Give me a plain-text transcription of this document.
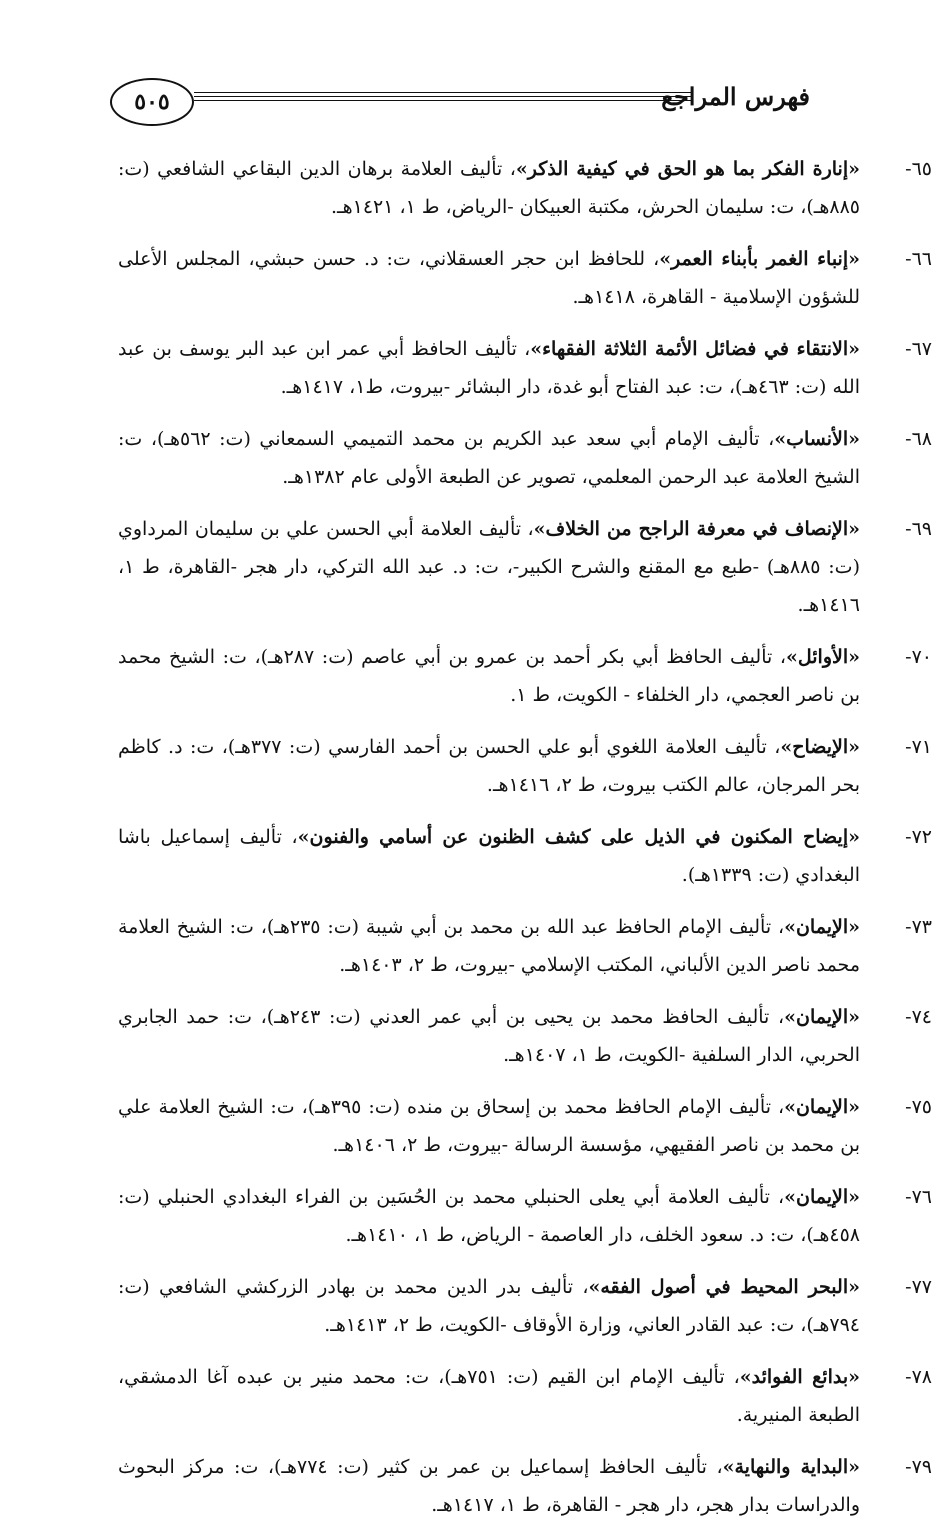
٥٠٥	فهرس المراجع
٦٥-
«إنارة الفكر بما هو الحق في كيفية الذكر»، تأليف العلامة برهان الدين البقاعي الشافعي (ت: ٨٨٥هـ)، ت: سليمان الحرش، مكتبة العبيكان -الرياض، ط ١، ١٤٢١هـ.
٦٦-
«إنباء الغمر بأبناء العمر»، للحافظ ابن حجر العسقلاني، ت: د. حسن حبشي، المجلس الأعلى للشؤون الإسلامية - القاهرة، ١٤١٨هـ.
٦٧-
«الانتقاء في فضائل الأئمة الثلاثة الفقهاء»، تأليف الحافظ أبي عمر ابن عبد البر يوسف بن عبد الله (ت: ٤٦٣هـ)، ت: عبد الفتاح أبو غدة، دار البشائر -بيروت، ط١، ١٤١٧هـ.
٦٨-
«الأنساب»، تأليف الإمام أبي سعد عبد الكريم بن محمد التميمي السمعاني (ت: ٥٦٢هـ)، ت: الشيخ العلامة عبد الرحمن المعلمي، تصوير عن الطبعة الأولى عام ١٣٨٢هـ.
٦٩-
«الإنصاف في معرفة الراجح من الخلاف»، تأليف العلامة أبي الحسن علي بن سليمان المرداوي (ت: ٨٨٥هـ) -طبع مع المقنع والشرح الكبير-، ت: د. عبد الله التركي، دار هجر -القاهرة، ط ١، ١٤١٦هـ.
٧٠-
«الأوائل»، تأليف الحافظ أبي بكر أحمد بن عمرو بن أبي عاصم (ت: ٢٨٧هـ)، ت: الشيخ محمد بن ناصر العجمي، دار الخلفاء - الكويت، ط ١.
٧١-
«الإيضاح»، تأليف العلامة اللغوي أبو علي الحسن بن أحمد الفارسي (ت: ٣٧٧هـ)، ت: د. كاظم بحر المرجان، عالم الكتب بيروت، ط ٢، ١٤١٦هـ.
٧٢-
«إيضاح المكنون في الذيل على كشف الظنون عن أسامي والفنون»، تأليف إسماعيل باشا البغدادي (ت: ١٣٣٩هـ).
٧٣-
«الإيمان»، تأليف الإمام الحافظ عبد الله بن محمد بن أبي شيبة (ت: ٢٣٥هـ)، ت: الشيخ العلامة محمد ناصر الدين الألباني، المكتب الإسلامي -بيروت، ط ٢، ١٤٠٣هـ.
٧٤-
«الإيمان»، تأليف الحافظ محمد بن يحيى بن أبي عمر العدني (ت: ٢٤٣هـ)، ت: حمد الجابري الحربي، الدار السلفية -الكويت، ط ١، ١٤٠٧هـ.
٧٥-
«الإيمان»، تأليف الإمام الحافظ محمد بن إسحاق بن منده (ت: ٣٩٥هـ)، ت: الشيخ العلامة علي بن محمد بن ناصر الفقيهي، مؤسسة الرسالة -بيروت، ط ٢، ١٤٠٦هـ.
٧٦-
«الإيمان»، تأليف العلامة أبي يعلى الحنبلي محمد بن الحُسَين بن الفراء البغدادي الحنبلي (ت: ٤٥٨هـ)، ت: د. سعود الخلف، دار العاصمة - الرياض، ط ١، ١٤١٠هـ.
٧٧-
«البحر المحيط في أصول الفقه»، تأليف بدر الدين محمد بن بهادر الزركشي الشافعي (ت: ٧٩٤هـ)، ت: عبد القادر العاني، وزارة الأوقاف -الكويت، ط ٢، ١٤١٣هـ.
٧٨-
«بدائع الفوائد»، تأليف الإمام ابن القيم (ت: ٧٥١هـ)، ت: محمد منير بن عبده آغا الدمشقي، الطبعة المنيرية.
٧٩-
«البداية والنهاية»، تأليف الحافظ إسماعيل بن عمر بن كثير (ت: ٧٧٤هـ)، ت: مركز البحوث والدراسات بدار هجر، دار هجر - القاهرة، ط ١، ١٤١٧هـ.
